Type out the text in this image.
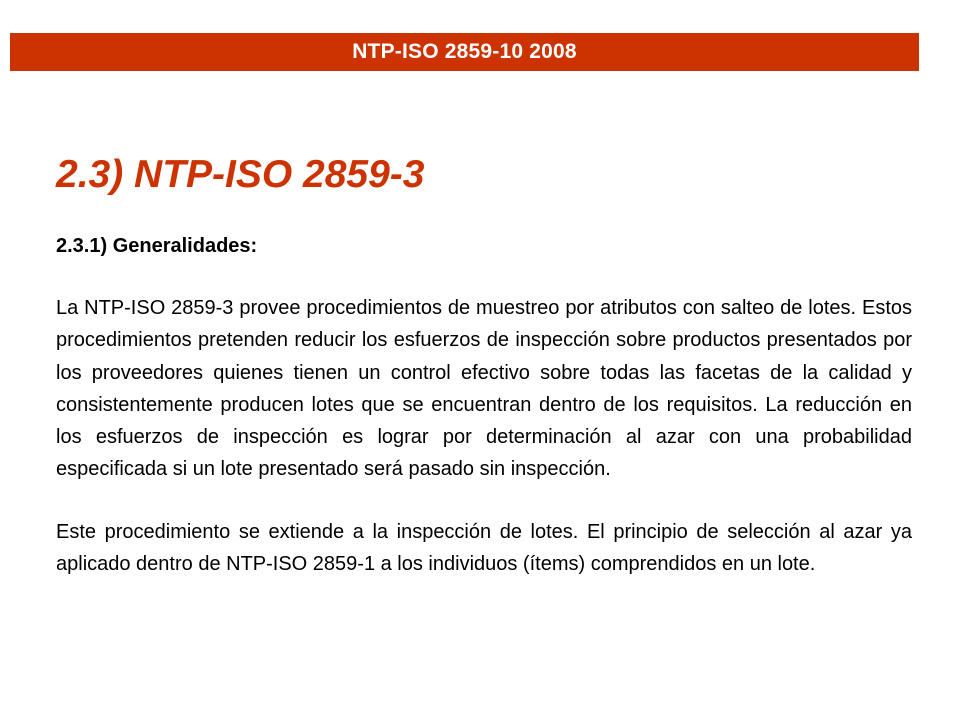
NTP-ISO 2859-10 2008
2.3) NTP-ISO 2859-3

2.3.1) Generalidades:

La NTP-ISO 2859-3 provee procedimientos de muestreo por atributos con salteo de lotes. Estos procedimientos pretenden reducir los esfuerzos de inspección sobre productos presentados por los proveedores quienes tienen un control efectivo sobre todas las facetas de la calidad y consistentemente producen lotes que se encuentran dentro de los requisitos. La reducción en los esfuerzos de inspección es lograr por determinación al azar con una probabilidad especificada si un lote presentado será pasado sin inspección.

Este procedimiento se extiende a la inspección de lotes. El principio de selección al azar ya aplicado dentro de NTP-ISO 2859-1 a los individuos (ítems) comprendidos en un lote.
